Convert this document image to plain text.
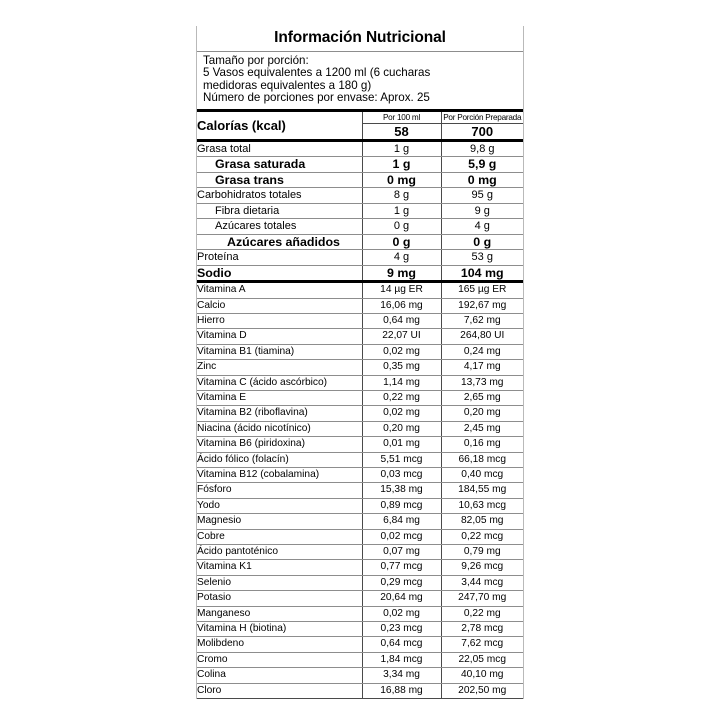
Información Nutricional
Tamaño por porción:
5 Vasos equivalentes a 1200 ml (6 cucharas
medidoras equivalentes a 180 g)
Número de porciones por envase: Aprox. 25
Calorías (kcal)	Por 100 ml	Por Porción Preparada
	58	700
Grasa total	1 g	9,8 g
Grasa saturada	1 g	5,9 g
Grasa trans	0 mg	0 mg
Carbohidratos totales	8 g	95 g
Fibra dietaria	1 g	9 g
Azúcares totales	0 g	4 g
Azúcares añadidos	0 g	0 g
Proteína	4 g	53 g
Sodio	9 mg	104 mg
Vitamina A	14 µg ER	165 µg ER
Calcio	16,06 mg	192,67 mg
Hierro	0,64 mg	7,62 mg
Vitamina D	22,07 UI	264,80 UI
Vitamina B1 (tiamina)	0,02 mg	0,24 mg
Zinc	0,35 mg	4,17 mg
Vitamina C (ácido ascórbico)	1,14 mg	13,73 mg
Vitamina E	0,22 mg	2,65 mg
Vitamina B2 (riboflavina)	0,02 mg	0,20 mg
Niacina (ácido nicotínico)	0,20 mg	2,45 mg
Vitamina B6 (piridoxina)	0,01 mg	0,16 mg
Ácido fólico (folacín)	5,51 mcg	66,18 mcg
Vitamina B12 (cobalamina)	0,03 mcg	0,40 mcg
Fósforo	15,38 mg	184,55 mg
Yodo	0,89 mcg	10,63 mcg
Magnesio	6,84 mg	82,05 mg
Cobre	0,02 mcg	0,22 mcg
Ácido pantoténico	0,07 mg	0,79 mg
Vitamina K1	0,77 mcg	9,26 mcg
Selenio	0,29 mcg	3,44 mcg
Potasio	20,64 mg	247,70 mg
Manganeso	0,02 mg	0,22 mg
Vitamina H (biotina)	0,23 mcg	2,78 mcg
Molibdeno	0,64 mcg	7,62 mcg
Cromo	1,84 mcg	22,05 mcg
Colina	3,34 mg	40,10 mg
Cloro	16,88 mg	202,50 mg
